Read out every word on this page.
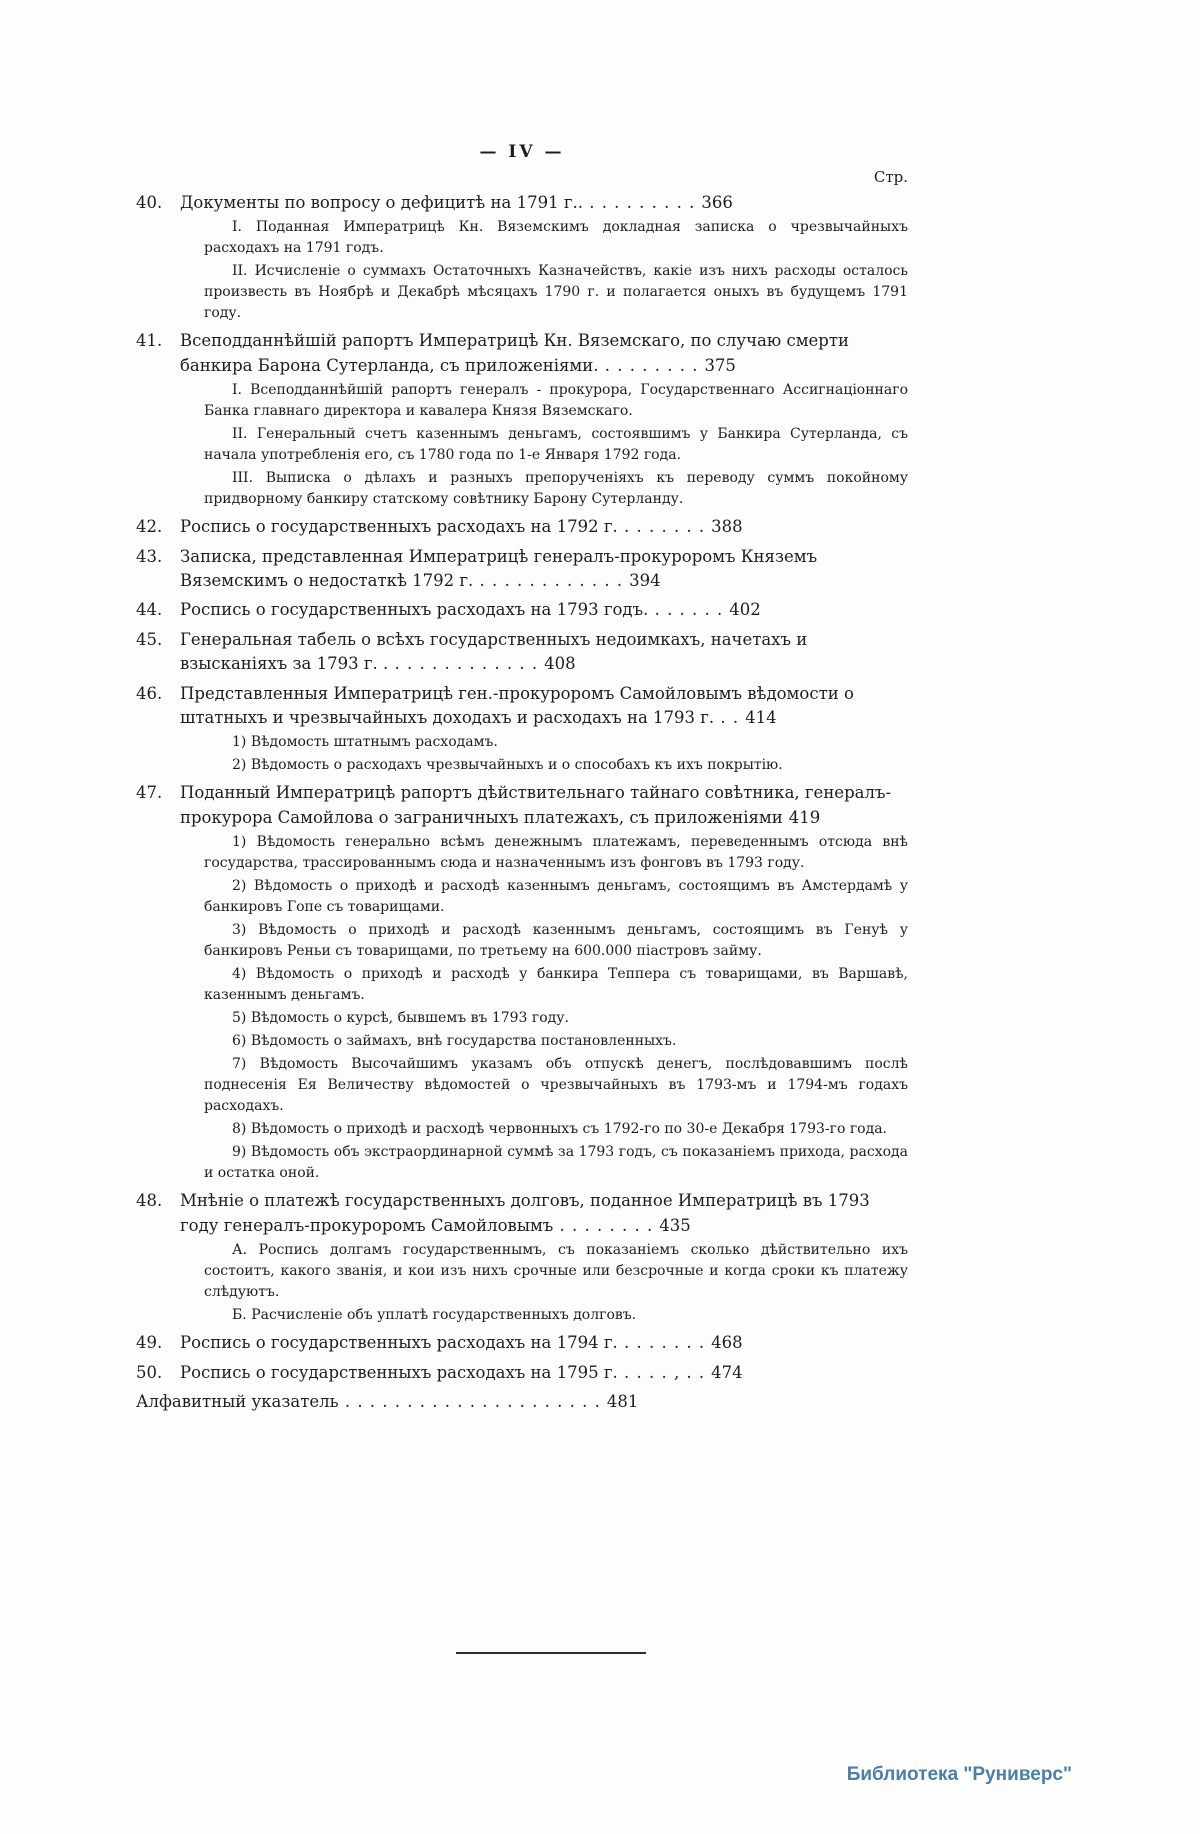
— IV —
Стр.
40.	Документы по вопросу о дефицитѣ на 1791 г.. . . . . . . . . . 366
I. Поданная Императрицѣ Кн. Вяземскимъ докладная записка о чрезвычайныхъ расходахъ на 1791 годъ.
II. Исчисленіе о суммахъ Остаточныхъ Казначействъ, какіе изъ нихъ расходы осталось произвесть въ Ноябрѣ и Декабрѣ мѣсяцахъ 1790 г. и полагается оныхъ въ будущемъ 1791 году.
41.	Всеподданнѣйшій рапортъ Императрицѣ Кн. Вяземскаго, по случаю смерти банкира Барона Сутерланда, съ приложеніями. . . . . . . . . 375
I. Всеподданнѣйшій рапортъ генералъ - прокурора, Государственнаго Ассигнаціоннаго Банка главнаго директора и кавалера Князя Вяземскаго.
II. Генеральный счетъ казеннымъ деньгамъ, состоявшимъ у Банкира Сутерланда, съ начала употребленія его, съ 1780 года по 1-е Января 1792 года.
III. Выписка о дѣлахъ и разныхъ препорученіяхъ къ переводу суммъ покойному придворному банкиру статскому совѣтнику Барону Сутерланду.
42.	Роспись о государственныхъ расходахъ на 1792 г. . . . . . . . 388
43.	Записка, представленная Императрицѣ генералъ-прокуроромъ Княземъ Вяземскимъ о недостаткѣ 1792 г. . . . . . . . . . . . . 394
44.	Роспись о государственныхъ расходахъ на 1793 годъ. . . . . . . 402
45.	Генеральная табель о всѣхъ государственныхъ недоимкахъ, начетахъ и взысканіяхъ за 1793 г. . . . . . . . . . . . . . 408
46.	Представленныя Императрицѣ ген.-прокуроромъ Самойловымъ вѣдомости о штатныхъ и чрезвычайныхъ доходахъ и расходахъ на 1793 г. . . 414
1) Вѣдомость штатнымъ расходамъ.
2) Вѣдомость о расходахъ чрезвычайныхъ и о способахъ къ ихъ покрытію.
47.	Поданный Императрицѣ рапортъ дѣйствительнаго тайнаго совѣтника, генералъ-прокурора Самойлова о заграничныхъ платежахъ, съ приложеніями 419
1) Вѣдомость генерально всѣмъ денежнымъ платежамъ, переведеннымъ отсюда внѣ государства, трассированнымъ сюда и назначеннымъ изъ фонговъ въ 1793 году.
2) Вѣдомость о приходѣ и расходѣ казеннымъ деньгамъ, состоящимъ въ Амстердамѣ у банкировъ Гопе съ товарищами.
3) Вѣдомость о приходѣ и расходѣ казеннымъ деньгамъ, состоящимъ въ Генуѣ у банкировъ Реньи съ товарищами, по третьему на 600.000 піастровъ займу.
4) Вѣдомость о приходѣ и расходѣ у банкира Теппера съ товарищами, въ Варшавѣ, казеннымъ деньгамъ.
5) Вѣдомость о курсѣ, бывшемъ въ 1793 году.
6) Вѣдомость о займахъ, внѣ государства постановленныхъ.
7) Вѣдомость Высочайшимъ указамъ объ отпускѣ денегъ, послѣдовавшимъ послѣ поднесенія Ея Величеству вѣдомостей о чрезвычайныхъ въ 1793-мъ и 1794-мъ годахъ расходахъ.
8) Вѣдомость о приходѣ и расходѣ червонныхъ съ 1792-го по 30-е Декабря 1793-го года.
9) Вѣдомость объ экстраординарной суммѣ за 1793 годъ, съ показаніемъ прихода, расхода и остатка оной.
48.	Мнѣніе о платежѣ государственныхъ долговъ, поданное Императрицѣ въ 1793 году генералъ-прокуроромъ Самойловымъ . . . . . . . . 435
А. Роспись долгамъ государственнымъ, съ показаніемъ сколько дѣйствительно ихъ состоитъ, какого званія, и кои изъ нихъ срочные или безсрочные и когда сроки къ платежу слѣдуютъ.
Б. Расчисленіе объ уплатѣ государственныхъ долговъ.
49.	Роспись о государственныхъ расходахъ на 1794 г. . . . . . . . 468
50.	Роспись о государственныхъ расходахъ на 1795 г. . . . . , . . 474
Алфавитный указатель . . . . . . . . . . . . . . . . . . . . . 481
Библиотека "Руниверс"
